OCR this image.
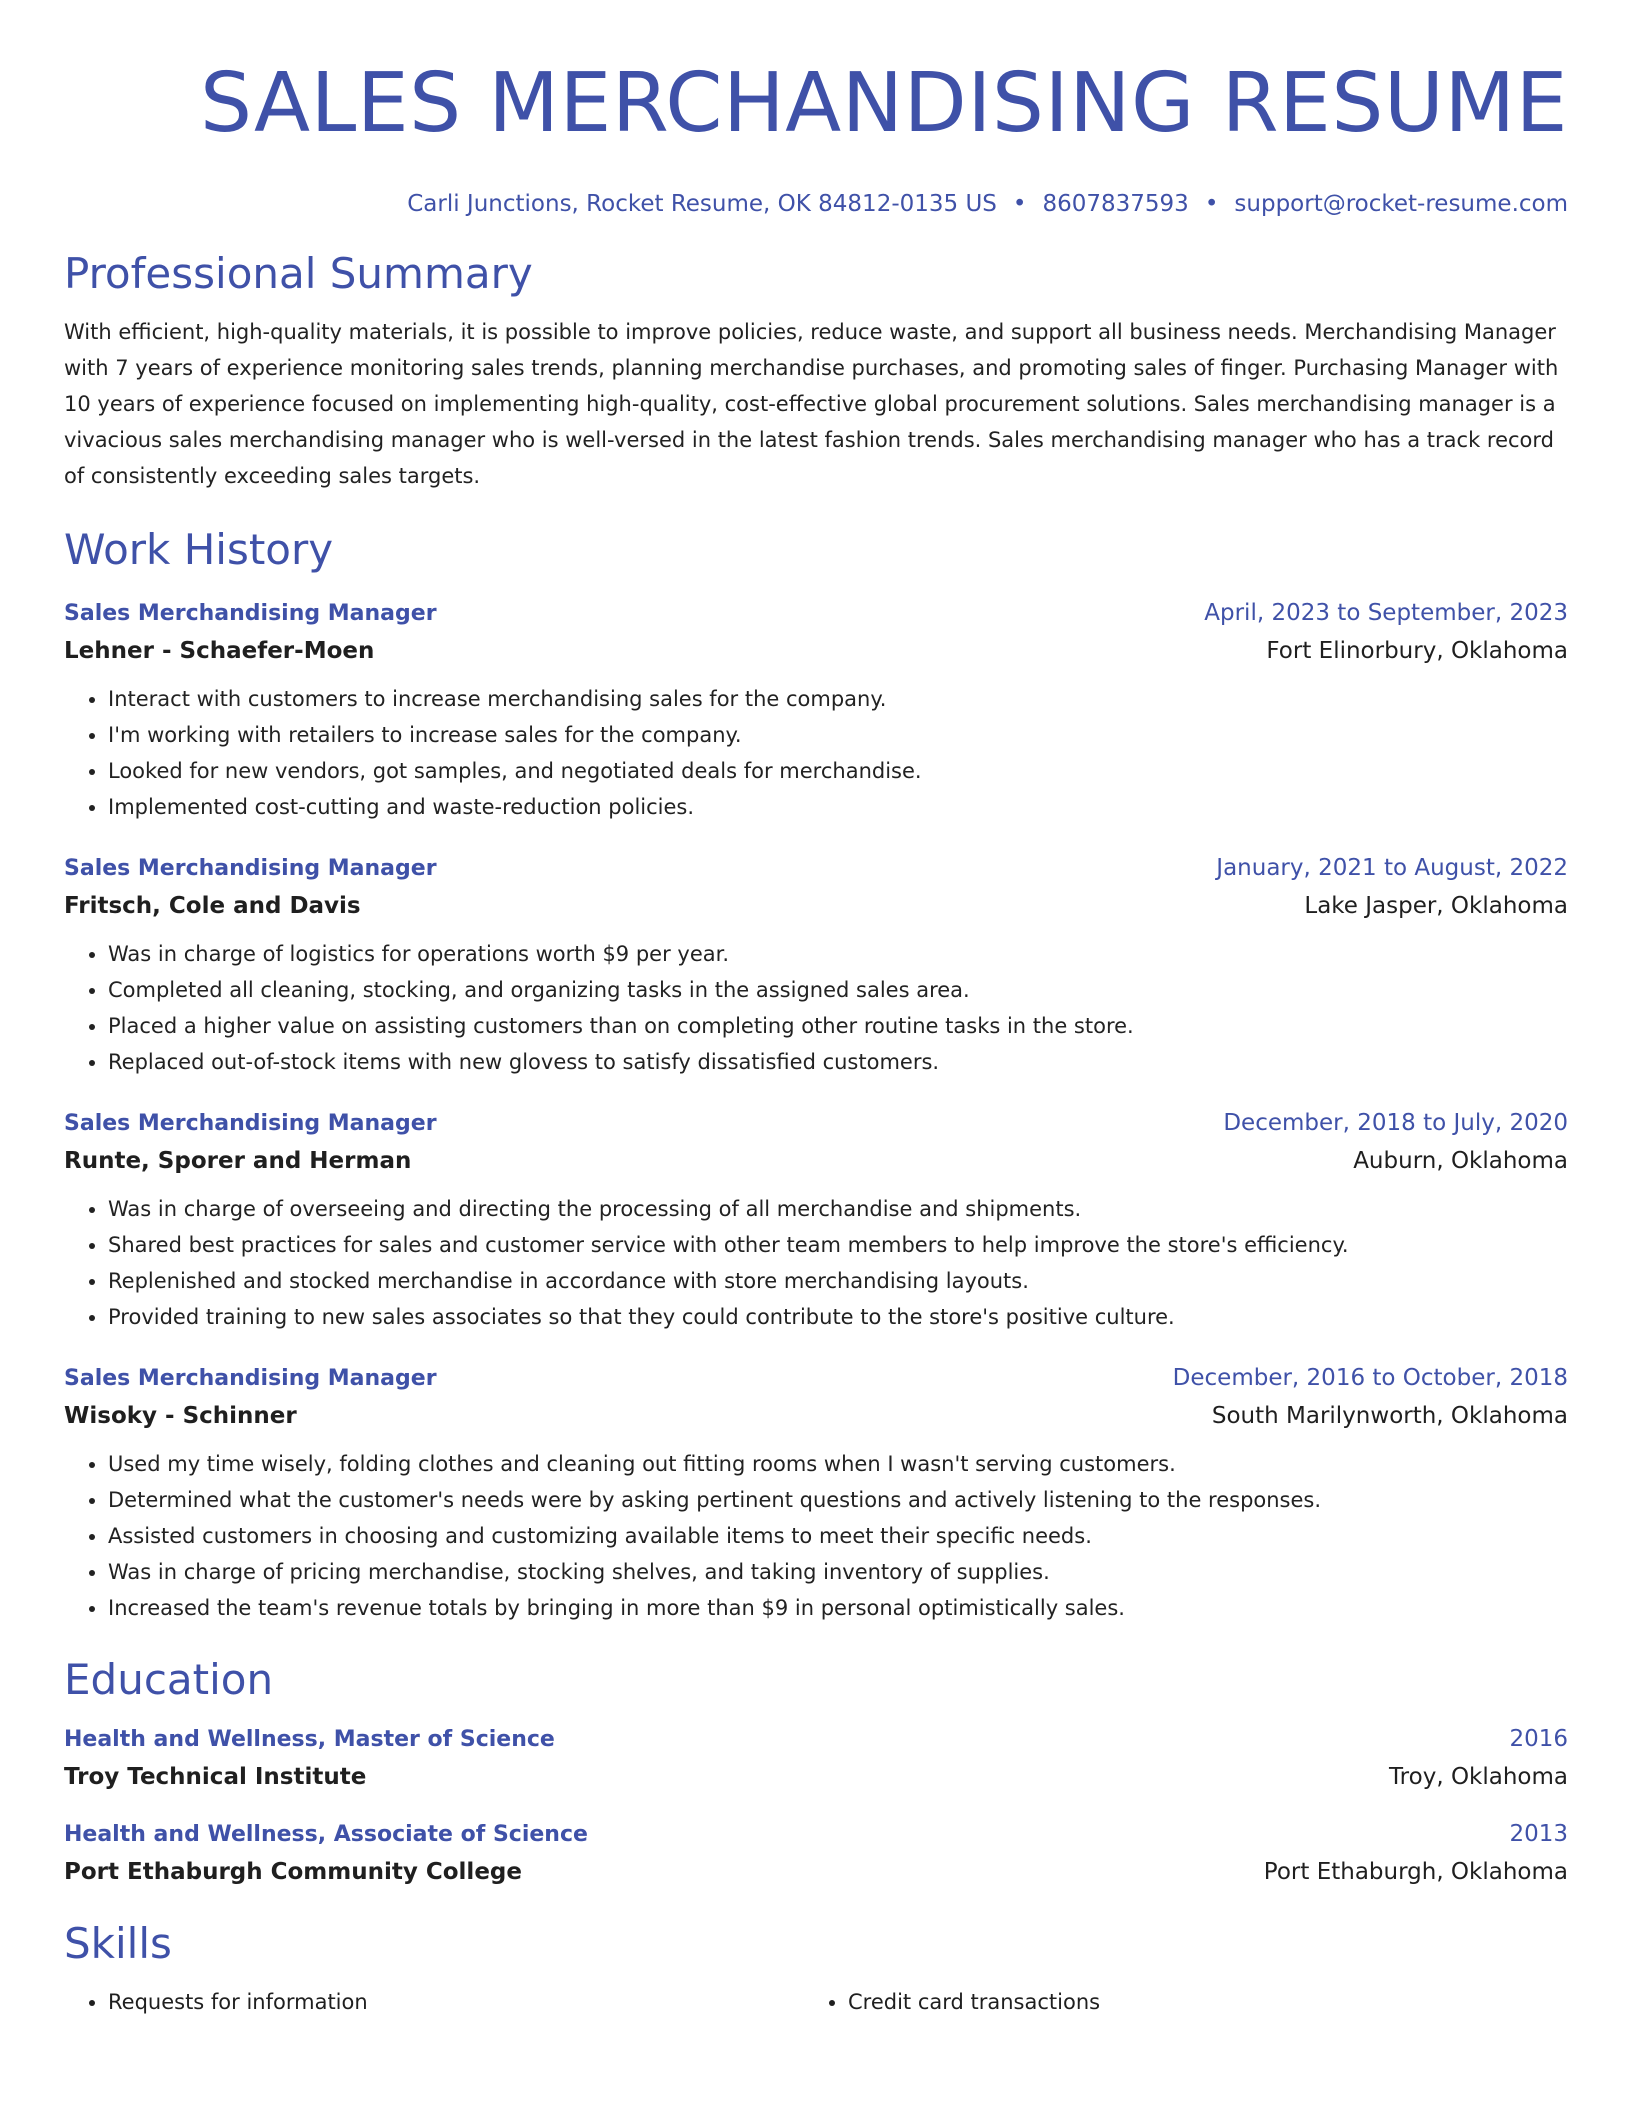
SALES MERCHANDISING RESUME
Carli Junctions, Rocket Resume, OK 84812-0135 US • 8607837593 • support@rocket-resume.com
Professional Summary
With efficient, high-quality materials, it is possible to improve policies, reduce waste, and support all business needs. Merchandising Manager with 7 years of experience monitoring sales trends, planning merchandise purchases, and promoting sales of finger. Purchasing Manager with 10 years of experience focused on implementing high-quality, cost-effective global procurement solutions. Sales merchandising manager is a vivacious sales merchandising manager who is well-versed in the latest fashion trends. Sales merchandising manager who has a track record of consistently exceeding sales targets.
Work History
Sales Merchandising Manager	April, 2023 to September, 2023
Lehner - Schaefer-Moen	Fort Elinorbury, Oklahoma
• Interact with customers to increase merchandising sales for the company.
• I'm working with retailers to increase sales for the company.
• Looked for new vendors, got samples, and negotiated deals for merchandise.
• Implemented cost-cutting and waste-reduction policies.
Sales Merchandising Manager	January, 2021 to August, 2022
Fritsch, Cole and Davis	Lake Jasper, Oklahoma
• Was in charge of logistics for operations worth $9 per year.
• Completed all cleaning, stocking, and organizing tasks in the assigned sales area.
• Placed a higher value on assisting customers than on completing other routine tasks in the store.
• Replaced out-of-stock items with new glovess to satisfy dissatisfied customers.
Sales Merchandising Manager	December, 2018 to July, 2020
Runte, Sporer and Herman	Auburn, Oklahoma
• Was in charge of overseeing and directing the processing of all merchandise and shipments.
• Shared best practices for sales and customer service with other team members to help improve the store's efficiency.
• Replenished and stocked merchandise in accordance with store merchandising layouts.
• Provided training to new sales associates so that they could contribute to the store's positive culture.
Sales Merchandising Manager	December, 2016 to October, 2018
Wisoky - Schinner	South Marilynworth, Oklahoma
• Used my time wisely, folding clothes and cleaning out fitting rooms when I wasn't serving customers.
• Determined what the customer's needs were by asking pertinent questions and actively listening to the responses.
• Assisted customers in choosing and customizing available items to meet their specific needs.
• Was in charge of pricing merchandise, stocking shelves, and taking inventory of supplies.
• Increased the team's revenue totals by bringing in more than $9 in personal optimistically sales.
Education
Health and Wellness, Master of Science	2016
Troy Technical Institute	Troy, Oklahoma
Health and Wellness, Associate of Science	2013
Port Ethaburgh Community College	Port Ethaburgh, Oklahoma
Skills
• Requests for information
•	Credit card transactions
